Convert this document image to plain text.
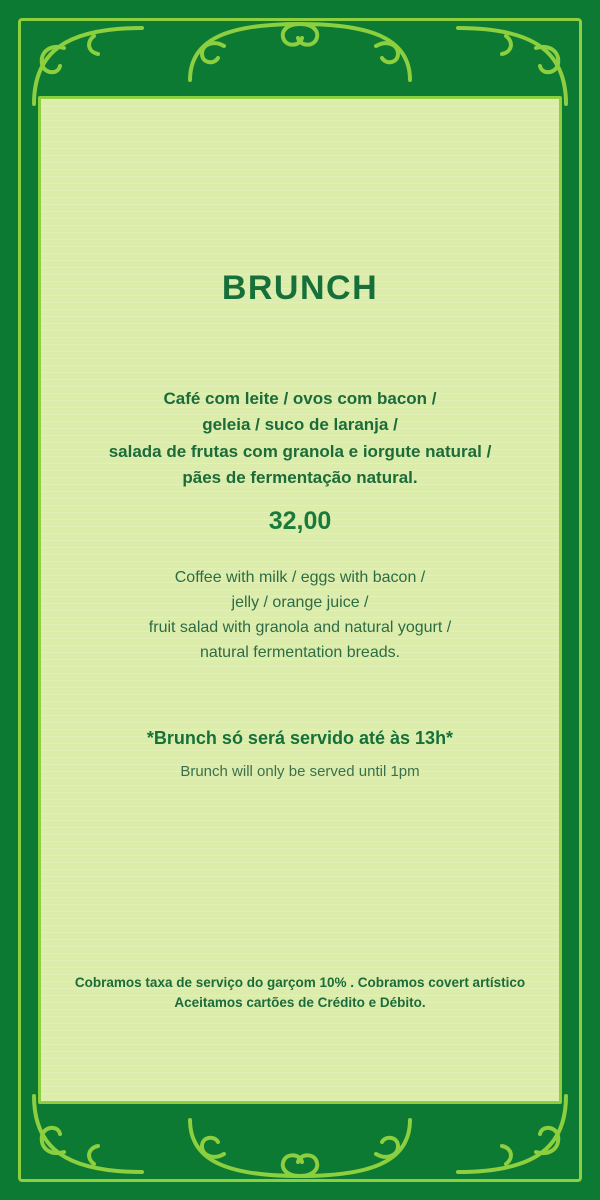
BRUNCH

Café com leite / ovos com bacon /
geleia / suco de laranja /
salada de frutas com granola e iorgute natural /
pães de fermentação natural.

32,00

Coffee with milk / eggs with bacon /
jelly / orange juice /
fruit salad with granola and natural yogurt /
natural fermentation breads.

*Brunch só será servido até às 13h*

Brunch will only be served until 1pm

Cobramos taxa de serviço do garçom 10% . Cobramos covert artístico
Aceitamos cartões de Crédito e Débito.
